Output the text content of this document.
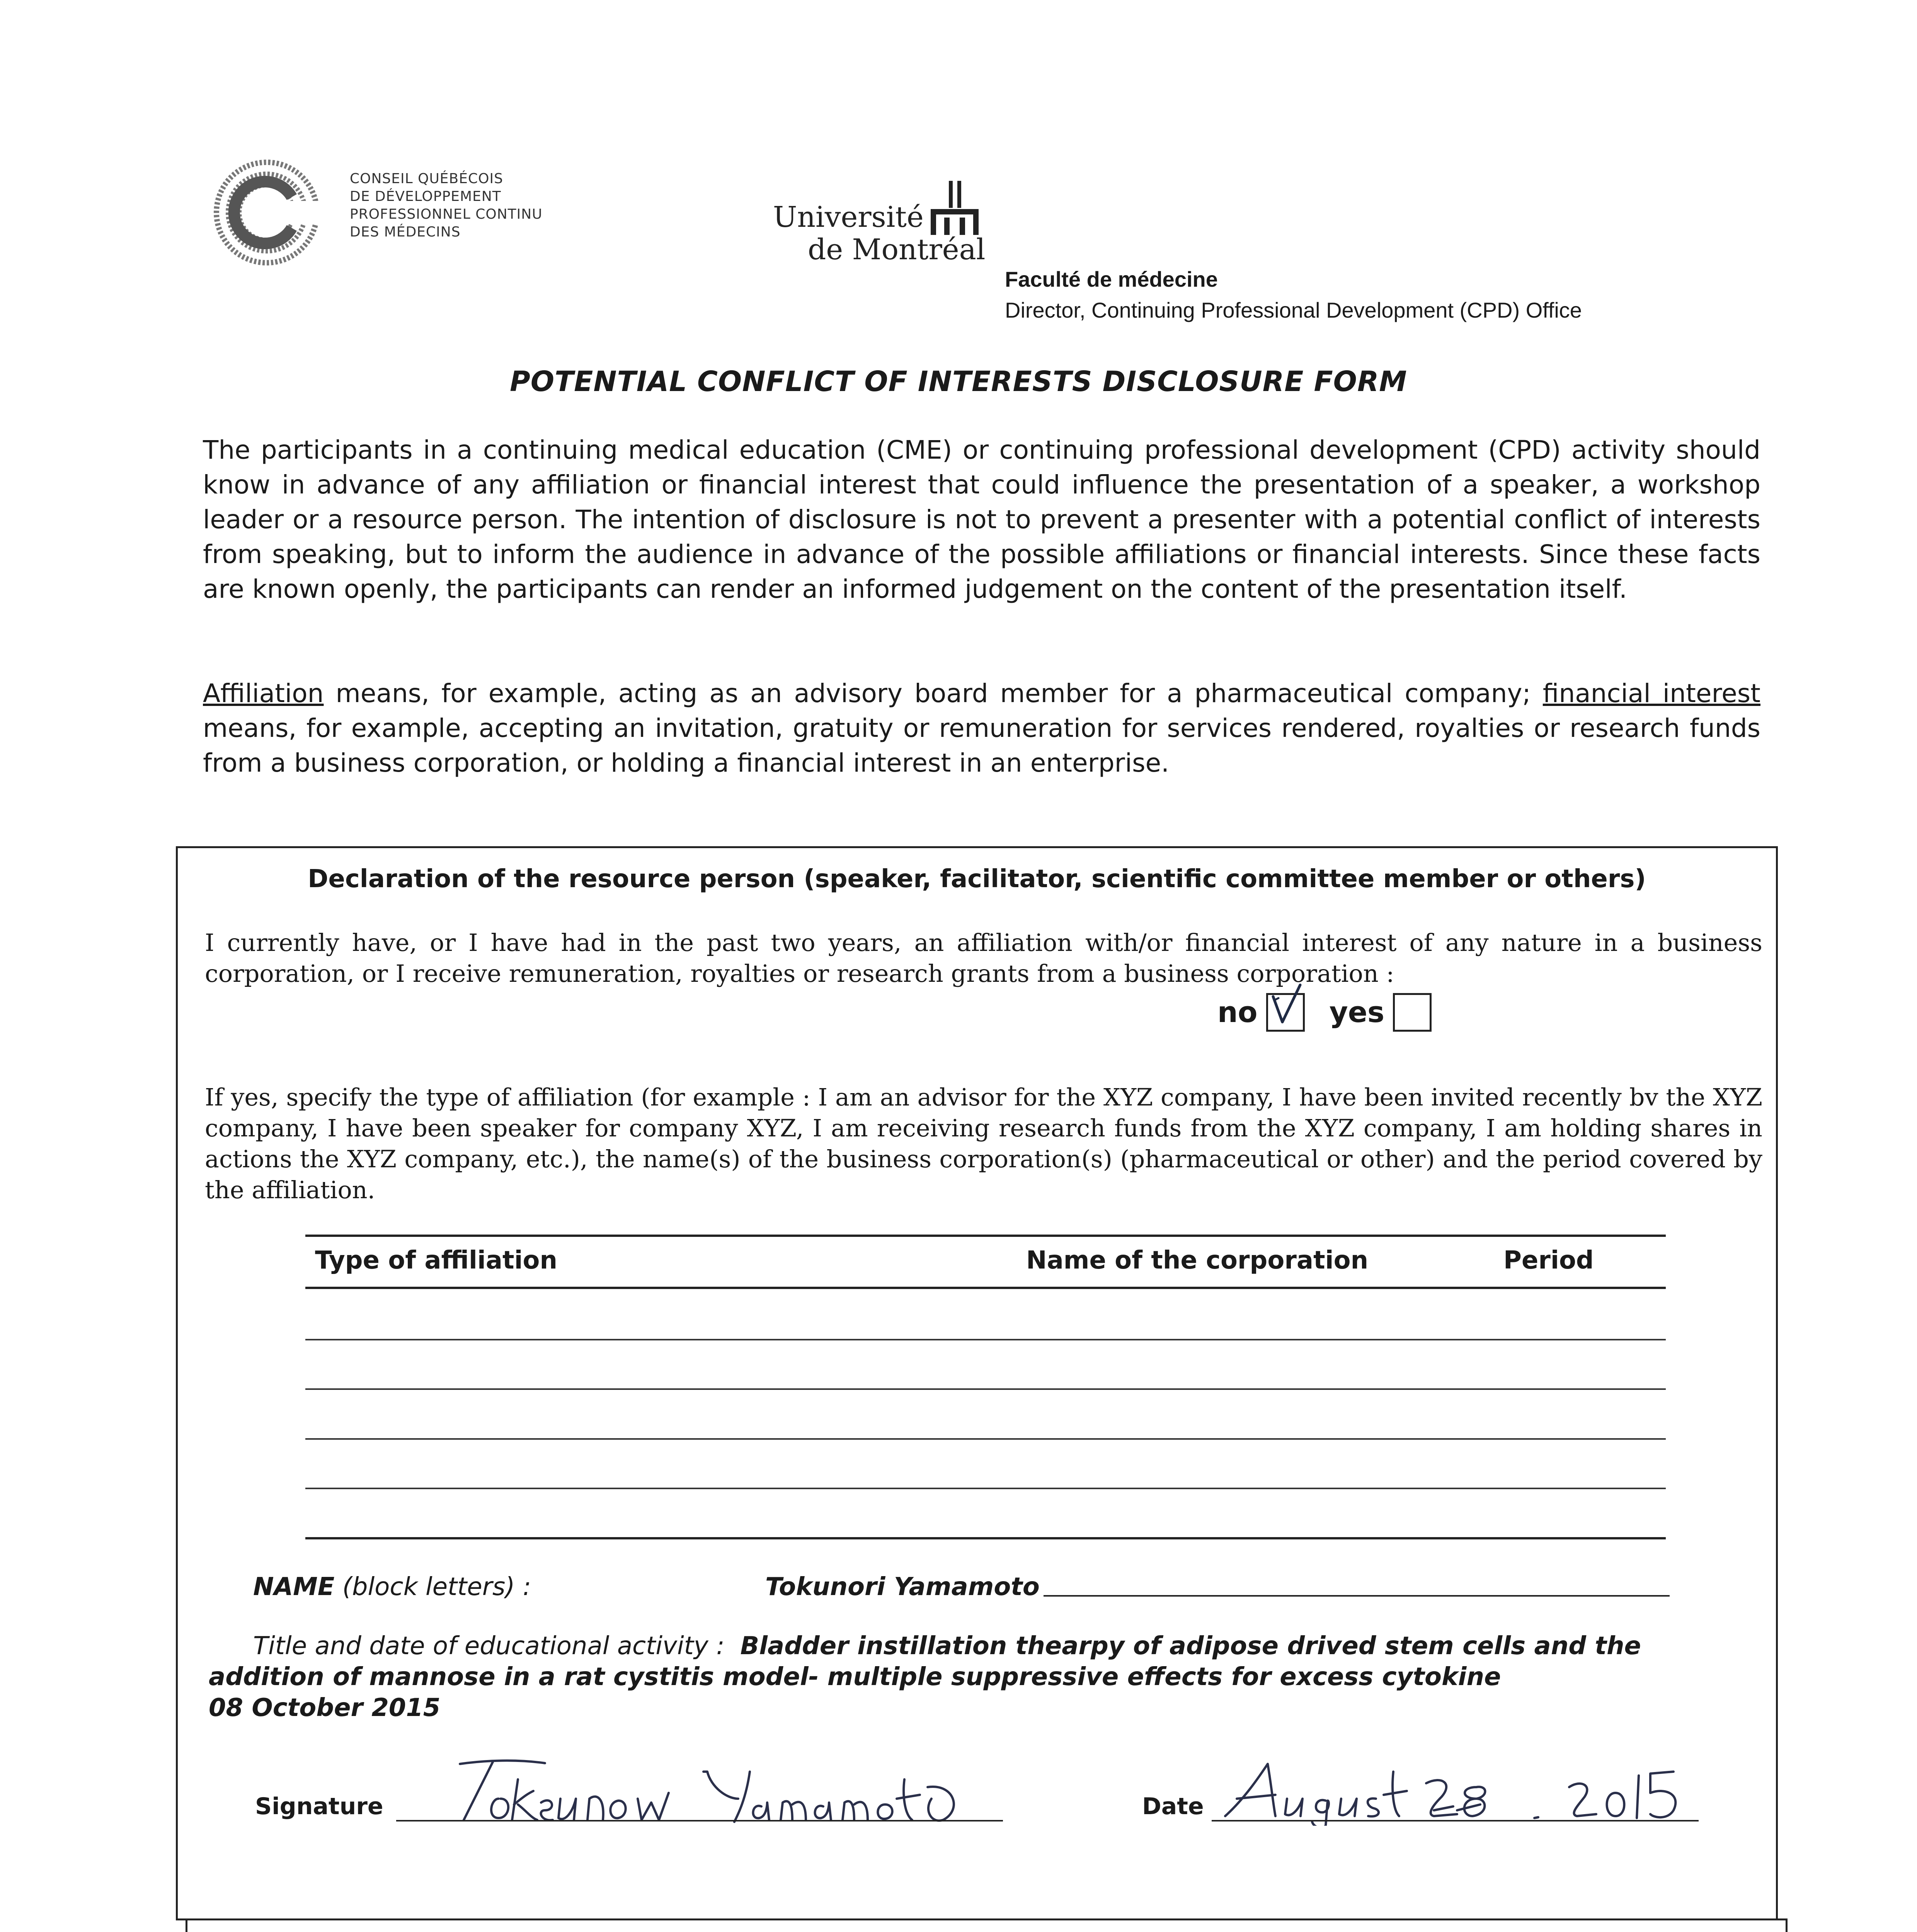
CONSEIL QUÉBÉCOIS
DE DÉVELOPPEMENT
PROFESSIONNEL CONTINU
DES MÉDECINS	Université
de Montréal
Faculté de médecine
Director, Continuing Professional Development (CPD) Office
POTENTIAL CONFLICT OF INTERESTS DISCLOSURE FORM
The participants in a continuing medical education (CME) or continuing professional development (CPD) activity should know in advance of any affiliation or financial interest that could influence the presentation of a speaker, a workshop leader or a resource person. The intention of disclosure is not to prevent a presenter with a potential conflict of interests from speaking, but to inform the audience in advance of the possible affiliations or financial interests. Since these facts are known openly, the participants can render an informed judgement on the content of the presentation itself.
Affiliation means, for example, acting as an advisory board member for a pharmaceutical company; financial interest means, for example, accepting an invitation, gratuity or remuneration for services rendered, royalties or research funds from a business corporation, or holding a financial interest in an enterprise.
Declaration of the resource person (speaker, facilitator, scientific committee member or others)
I currently have, or I have had in the past two years, an affiliation with/or financial interest of any nature in a business corporation, or I receive remuneration, royalties or research grants from a business corporation :
no	yes
If yes, specify the type of affiliation (for example : I am an advisor for the XYZ company, I have been invited recently bv the XYZ company, I have been speaker for company XYZ, I am receiving research funds from the XYZ company, I am holding shares in actions the XYZ company, etc.), the name(s) of the business corporation(s) (pharmaceutical or other) and the period covered by the affiliation.
Type of affiliation	Name of the corporation	Period
NAME (block letters) :	Tokunori Yamamoto
Title and date of educational activity : Bladder instillation thearpy of adipose drived stem cells and the addition of mannose in a rat cystitis model- multiple suppressive effects for excess cytokine
08 October 2015
Signature	Date
